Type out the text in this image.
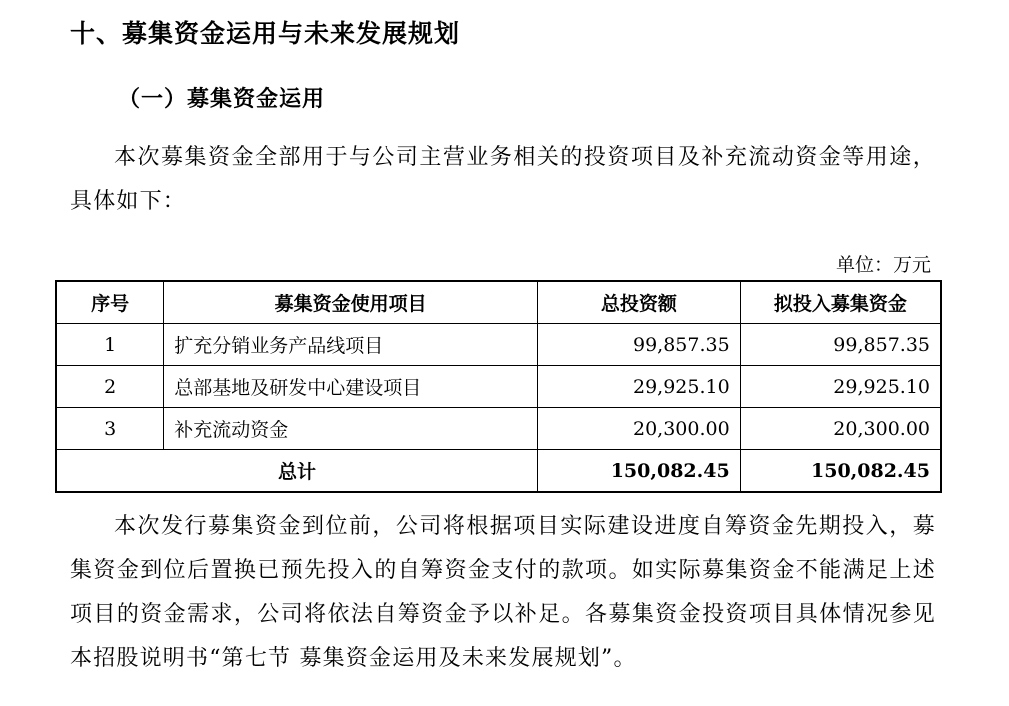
十、募集资金运用与未来发展规划
（一）募集资金运用

本次募集资金全部用于与公司主营业务相关的投资项目及补充流动资金等用途，具体如下：

单位：万元
序号	募集资金使用项目	总投资额	拟投入募集资金
1	扩充分销业务产品线项目	99,857.35	99,857.35
2	总部基地及研发中心建设项目	29,925.10	29,925.10
3	补充流动资金	20,300.00	20,300.00
总计		150,082.45	150,082.45

本次发行募集资金到位前，公司将根据项目实际建设进度自筹资金先期投入，募集资金到位后置换已预先投入的自筹资金支付的款项。如实际募集资金不能满足上述项目的资金需求，公司将依法自筹资金予以补足。各募集资金投资项目具体情况参见本招股说明书“第七节 募集资金运用及未来发展规划”。
